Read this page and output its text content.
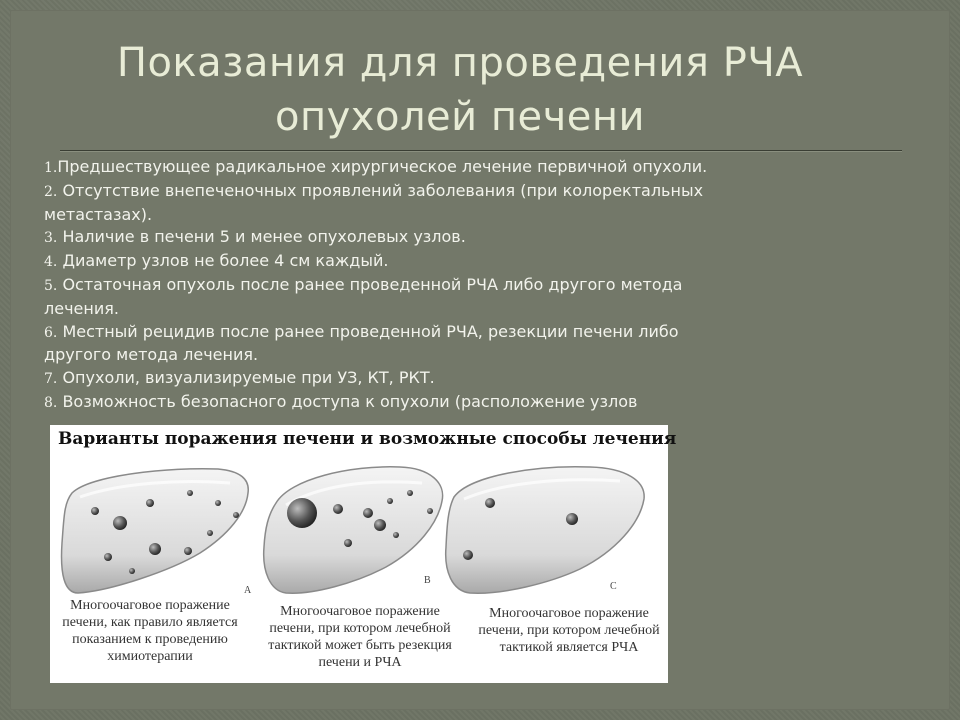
Показания для проведения РЧА
опухолей печени
1.Предшествующее радикальное хирургическое лечение первичной опухоли.
2. Отсутствие внепеченочных проявлений заболевания (при колоректальных метастазах).
3. Наличие в печени 5 и менее опухолевых узлов.
4. Диаметр узлов не более 4 см каждый.
5. Остаточная опухоль после ранее проведенной РЧА либо другого метода лечения.
6. Местный рецидив после ранее проведенной РЧА, резекции печени либо другого метода лечения.
7. Опухоли, визуализируемые при УЗ, КТ, РКТ.
8. Возможность безопасного доступа к опухоли (расположение узлов

Варианты поражения печени и возможные способы лечения

A
B
C

Многоочаговое поражение печени, как правило является показанием к проведению химиотерапии

Многоочаговое поражение печени, при котором лечебной тактикой может быть резекция печени и РЧА

Многоочаговое поражение печени, при котором лечебной тактикой является РЧА
